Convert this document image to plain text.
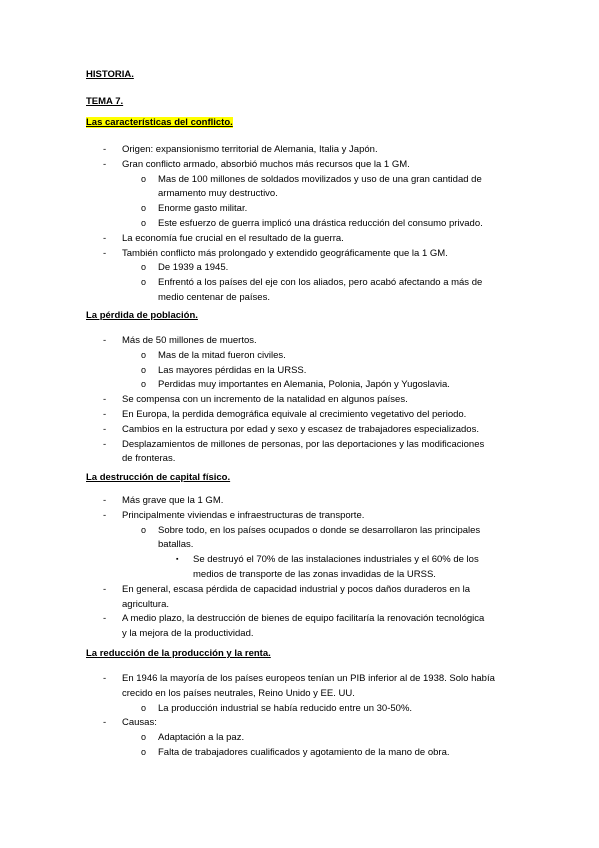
HISTORIA.
TEMA 7.
Las características del conflicto.
- Origen: expansionismo territorial de Alemania, Italia y Japón.
- Gran conflicto armado, absorbió muchos más recursos que la 1 GM.
o Mas de 100 millones de soldados movilizados y uso de una gran cantidad de
armamento muy destructivo.
o Enorme gasto militar.
o Este esfuerzo de guerra implicó una drástica reducción del consumo privado.
- La economía fue crucial en el resultado de la guerra.
- También conflicto más prolongado y extendido geográficamente que la 1 GM.
o De 1939 a 1945.
o Enfrentó a los países del eje con los aliados, pero acabó afectando a más de
medio centenar de países.
La pérdida de población.
- Más de 50 millones de muertos.
o Mas de la mitad fueron civiles.
o Las mayores pérdidas en la URSS.
o Perdidas muy importantes en Alemania, Polonia, Japón y Yugoslavia.
- Se compensa con un incremento de la natalidad en algunos países.
- En Europa, la perdida demográfica equivale al crecimiento vegetativo del periodo.
- Cambios en la estructura por edad y sexo y escasez de trabajadores especializados.
- Desplazamientos de millones de personas, por las deportaciones y las modificaciones
de fronteras.
La destrucción de capital físico.
- Más grave que la 1 GM.
- Principalmente viviendas e infraestructuras de transporte.
o Sobre todo, en los países ocupados o donde se desarrollaron las principales
batallas.
▪ Se destruyó el 70% de las instalaciones industriales y el 60% de los
medios de transporte de las zonas invadidas de la URSS.
- En general, escasa pérdida de capacidad industrial y pocos daños duraderos en la
agricultura.
- A medio plazo, la destrucción de bienes de equipo facilitaría la renovación tecnológica
y la mejora de la productividad.
La reducción de la producción y la renta.
- En 1946 la mayoría de los países europeos tenían un PIB inferior al de 1938. Solo había
crecido en los países neutrales, Reino Unido y EE. UU.
o La producción industrial se había reducido entre un 30-50%.
- Causas:
o Adaptación a la paz.
o Falta de trabajadores cualificados y agotamiento de la mano de obra.
